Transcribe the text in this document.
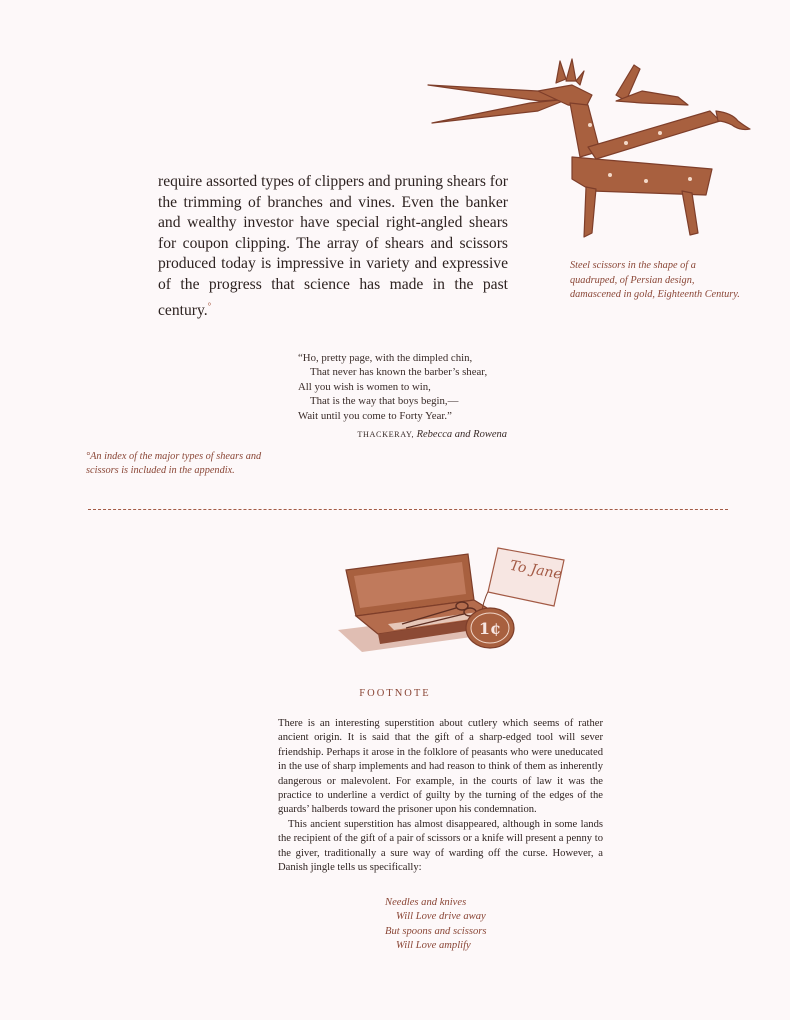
require assorted types of clippers and pruning shears for the trimming of branches and vines. Even the banker and wealthy investor have special right-angled shears for coupon clipping. The array of shears and scissors produced today is impressive in variety and expressive of the progress that science has made in the past century.°

Steel scissors in the shape of a quadruped, of Persian design, damascened in gold, Eighteenth Century.
“Ho, pretty page, with the dimpled chin,
That never has known the barber’s shear,
All you wish is women to win,
That is the way that boys begin,—
Wait until you come to Forty Year.”
THACKERAY, Rebecca and Rowena
°An index of the major types of shears and scissors is included in the appendix.
To Jane
1¢
FOOTNOTE

There is an interesting superstition about cutlery which seems of rather ancient origin. It is said that the gift of a sharp-edged tool will sever friendship. Perhaps it arose in the folklore of peasants who were uneducated in the use of sharp implements and had reason to think of them as inherently dangerous or malevolent. For example, in the courts of law it was the practice to underline a verdict of guilty by the turning of the edges of the guards’ halberds toward the prisoner upon his condemnation.

This ancient superstition has almost disappeared, although in some lands the recipient of the gift of a pair of scissors or a knife will present a penny to the giver, traditionally a sure way of warding off the curse. However, a Danish jingle tells us specifically:

Needles and knives
Will Love drive away
But spoons and scissors
Will Love amplify
